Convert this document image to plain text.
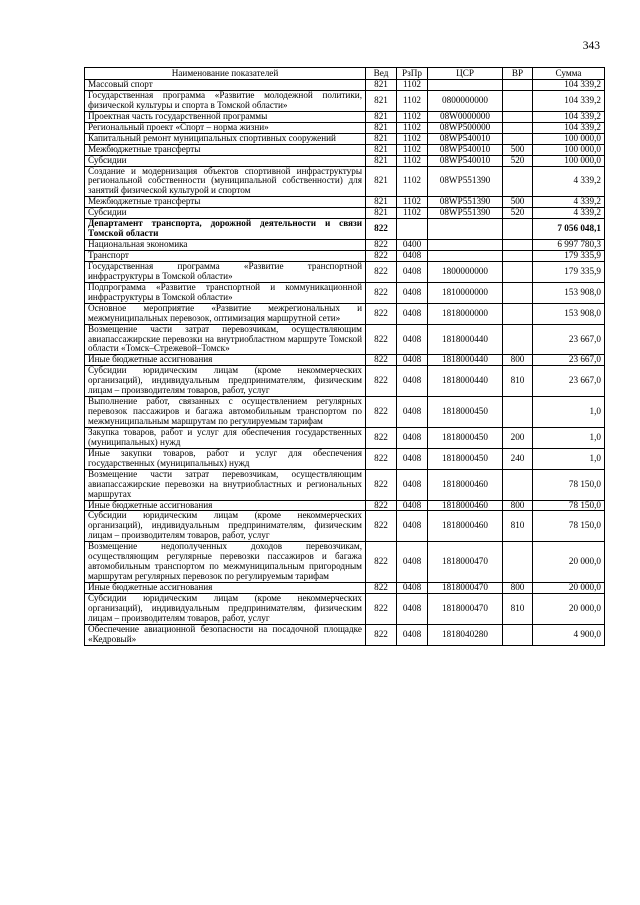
343
Наименование показателей	Вед	РзПр	ЦСР	ВР	Сумма
Массовый спорт	821	1102			104 339,2
Государственная программа «Развитие молодежной политики, физической культуры и спорта в Томской области»	821	1102	0800000000		104 339,2
Проектная часть государственной программы	821	1102	08W0000000		104 339,2
Региональный проект «Спорт – норма жизни»	821	1102	08WP500000		104 339,2
Капитальный ремонт муниципальных спортивных сооружений	821	1102	08WP540010		100 000,0
Межбюджетные трансферты	821	1102	08WP540010	500	100 000,0
Субсидии	821	1102	08WP540010	520	100 000,0
Создание и модернизация объектов спортивной инфраструктуры региональной собственности (муниципальной собственности) для занятий физической культурой и спортом	821	1102	08WP551390		4 339,2
Межбюджетные трансферты	821	1102	08WP551390	500	4 339,2
Субсидии	821	1102	08WP551390	520	4 339,2
Департамент транспорта, дорожной деятельности и связи Томской области	822				7 056 048,1
Национальная экономика	822	0400			6 997 780,3
Транспорт	822	0408			179 335,9
Государственная программа «Развитие транспортной инфраструктуры в Томской области»	822	0408	1800000000		179 335,9
Подпрограмма «Развитие транспортной и коммуникационной инфраструктуры в Томской области»	822	0408	1810000000		153 908,0
Основное мероприятие «Развитие межрегиональных и межмуниципальных перевозок, оптимизация маршрутной сети»	822	0408	1818000000		153 908,0
Возмещение части затрат перевозчикам, осуществляющим авиапассажирские перевозки на внутриобластном маршруте Томской области «Томск–Стрежевой–Томск»	822	0408	1818000440		23 667,0
Иные бюджетные ассигнования	822	0408	1818000440	800	23 667,0
Субсидии юридическим лицам (кроме некоммерческих организаций), индивидуальным предпринимателям, физическим лицам – производителям товаров, работ, услуг	822	0408	1818000440	810	23 667,0
Выполнение работ, связанных с осуществлением регулярных перевозок пассажиров и багажа автомобильным транспортом по межмуниципальным маршрутам по регулируемым тарифам	822	0408	1818000450		1,0
Закупка товаров, работ и услуг для обеспечения государственных (муниципальных) нужд	822	0408	1818000450	200	1,0
Иные закупки товаров, работ и услуг для обеспечения государственных (муниципальных) нужд	822	0408	1818000450	240	1,0
Возмещение части затрат перевозчикам, осуществляющим авиапассажирские перевозки на внутриобластных и региональных маршрутах	822	0408	1818000460		78 150,0
Иные бюджетные ассигнования	822	0408	1818000460	800	78 150,0
Субсидии юридическим лицам (кроме некоммерческих организаций), индивидуальным предпринимателям, физическим лицам – производителям товаров, работ, услуг	822	0408	1818000460	810	78 150,0
Возмещение недополученных доходов перевозчикам, осуществляющим регулярные перевозки пассажиров и багажа автомобильным транспортом по межмуниципальным пригородным маршрутам регулярных перевозок по регулируемым тарифам	822	0408	1818000470		20 000,0
Иные бюджетные ассигнования	822	0408	1818000470	800	20 000,0
Субсидии юридическим лицам (кроме некоммерческих организаций), индивидуальным предпринимателям, физическим лицам – производителям товаров, работ, услуг	822	0408	1818000470	810	20 000,0
Обеспечение авиационной безопасности на посадочной площадке «Кедровый»	822	0408	1818040280		4 900,0
